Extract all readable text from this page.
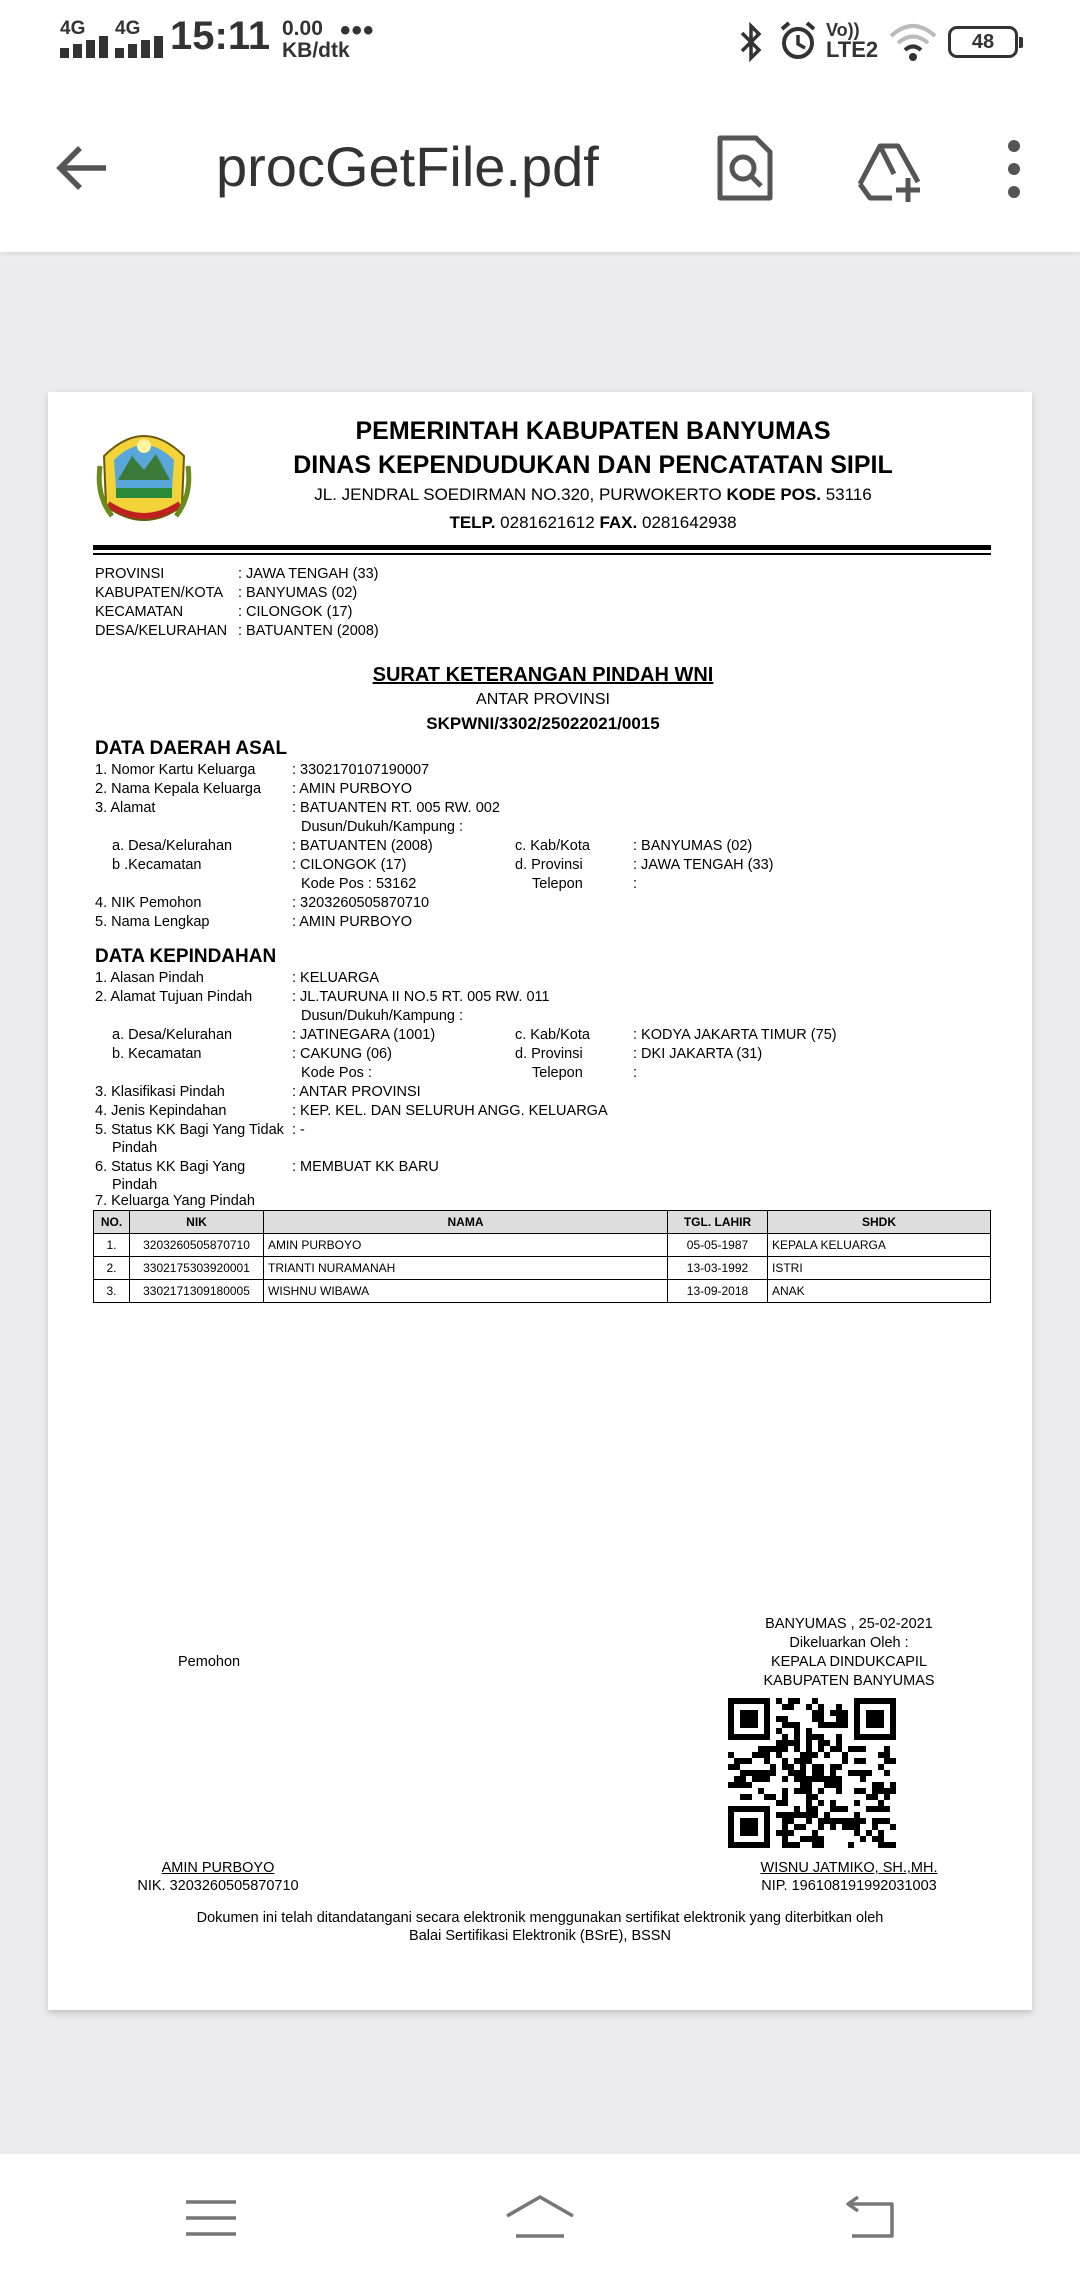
4G 4G 15:11 0.00
KB/dtk
•••	Vo))
LTE2	48
procGetFile.pdf
PEMERINTAH KABUPATEN BANYUMAS
DINAS KEPENDUDUKAN DAN PENCATATAN SIPIL
JL. JENDRAL SOEDIRMAN NO.320, PURWOKERTO KODE POS. 53116
TELP. 0281621612 FAX. 0281642938
PROVINSI	: JAWA TENGAH (33)
KABUPATEN/KOTA : BANYUMAS (02)
KECAMATAN	: CILONGOK (17)
DESA/KELURAHAN : BATUANTEN (2008)
SURAT KETERANGAN PINDAH WNI
ANTAR PROVINSI
SKPWNI/3302/25022021/0015
DATA DAERAH ASAL
1. Nomor Kartu Keluarga	: 3302170107190007
2. Nama Kepala Keluarga : AMIN PURBOYO
3. Alamat	: BATUANTEN RT. 005 RW. 002
Dusun/Dukuh/Kampung :
a. Desa/Kelurahan	: BATUANTEN (2008)	c. Kab/Kota	: BANYUMAS (02)
b .Kecamatan	: CILONGOK (17)	d. Provinsi	: JAWA TENGAH (33)
Kode Pos : 53162	Telepon	:
4. NIK Pemohon	: 3203260505870710
5. Nama Lengkap	: AMIN PURBOYO
DATA KEPINDAHAN
1. Alasan Pindah	: KELUARGA
2. Alamat Tujuan Pindah	: JL.TAURUNA II NO.5 RT. 005 RW. 011
Dusun/Dukuh/Kampung :
a. Desa/Kelurahan	: JATINEGARA (1001)	c. Kab/Kota	: KODYA JAKARTA TIMUR (75)
b. Kecamatan	: CAKUNG (06)	d. Provinsi	: DKI JAKARTA (31)
Kode Pos :	Telepon	:
3. Klasifikasi Pindah	: ANTAR PROVINSI
4. Jenis Kepindahan	: KEP. KEL. DAN SELURUH ANGG. KELUARGA
5. Status KK Bagi Yang Tidak
Pindah
: -
6. Status KK Bagi Yang
Pindah
: MEMBUAT KK BARU
7. Keluarga Yang Pindah
NO.	NIK	NAMA	TGL. LAHIR	SHDK
1.	3203260505870710	AMIN PURBOYO	05-05-1987	KEPALA KELUARGA
2.	3302175303920001	TRIANTI NURAMANAH	13-03-1992	ISTRI
3.	3302171309180005	WISHNU WIBAWA	13-09-2018	ANAK
BANYUMAS , 25-02-2021
Dikeluarkan Oleh :
KEPALA DINDUKCAPIL
KABUPATEN BANYUMAS
Pemohon
AMIN PURBOYO
NIK. 3203260505870710
WISNU JATMIKO, SH.,MH.
NIP. 196108191992031003
Dokumen ini telah ditandatangani secara elektronik menggunakan sertifikat elektronik yang diterbitkan oleh
Balai Sertifikasi Elektronik (BSrE), BSSN
